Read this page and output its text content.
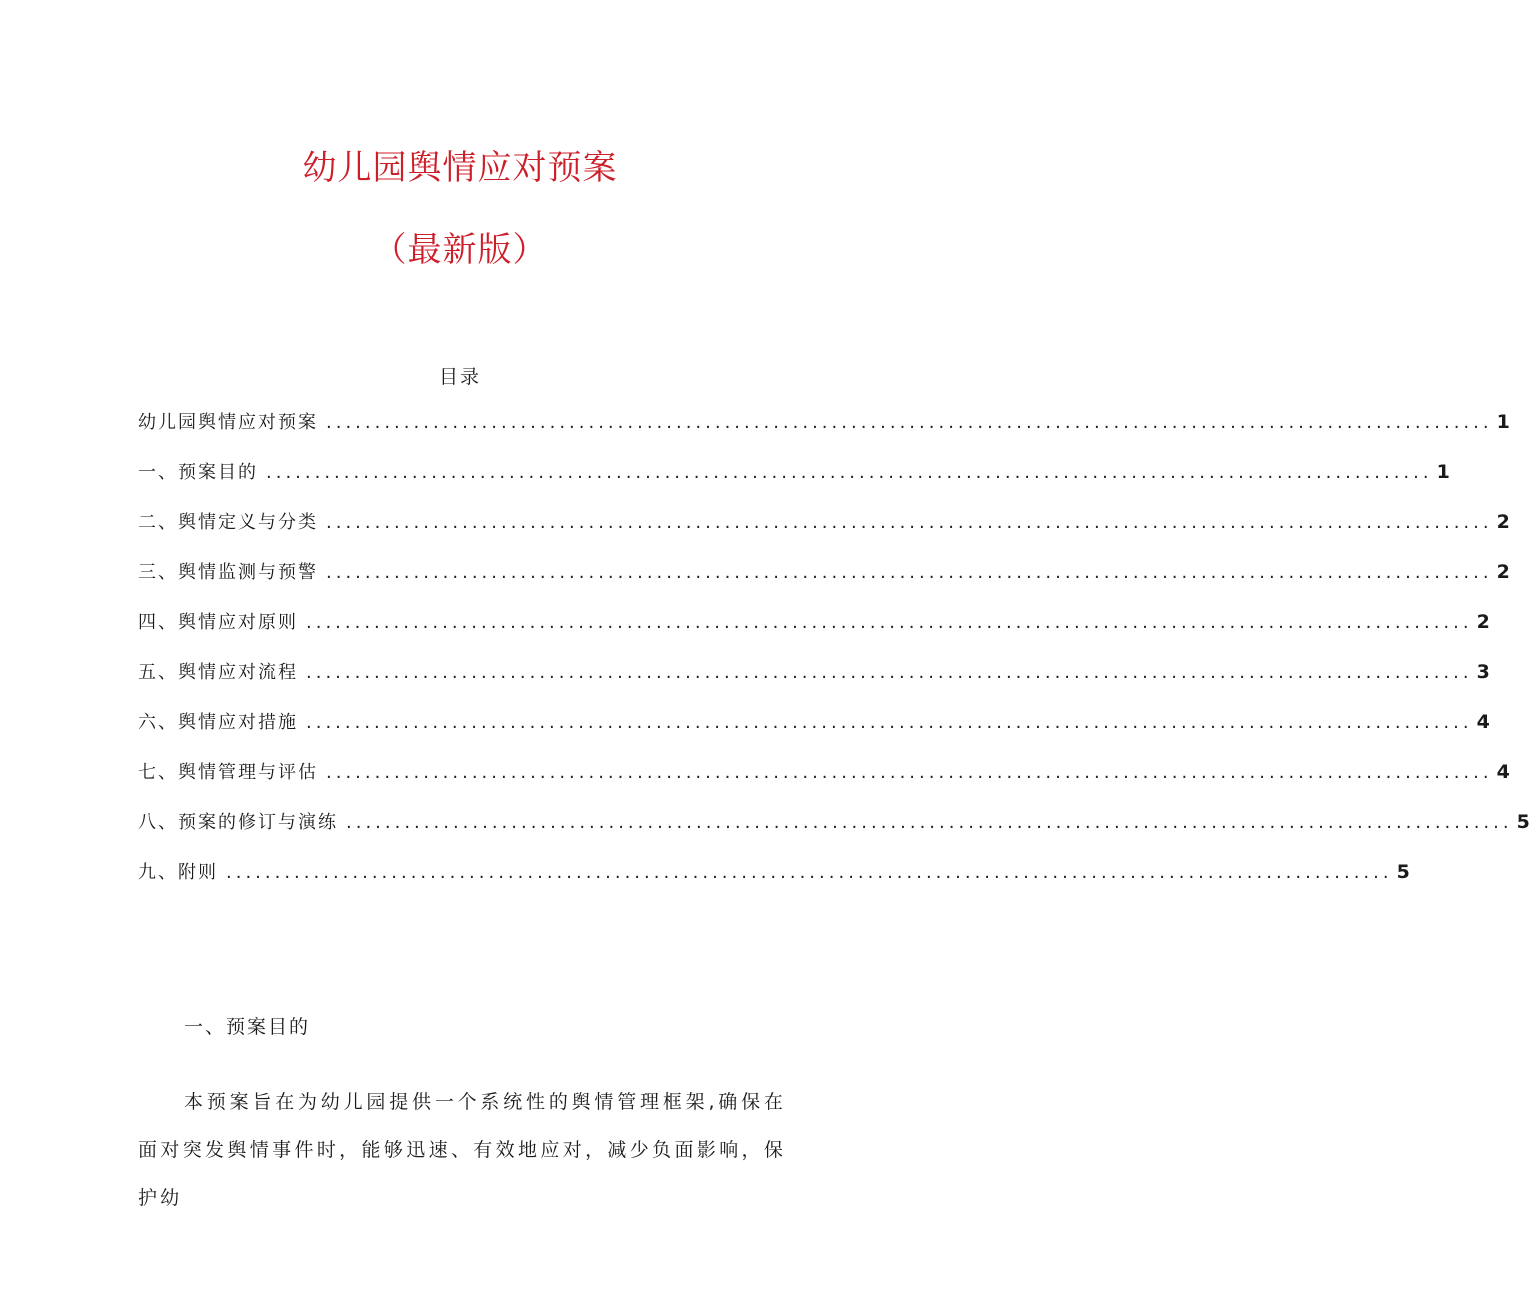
幼儿园舆情应对预案
（最新版）
目录
幼儿园舆情应对预案 ........................................................................................................................ 1
一、预案目的 ........................................................................................................................ 1
二、舆情定义与分类 ........................................................................................................................ 2
三、舆情监测与预警 ........................................................................................................................ 2
四、舆情应对原则 ........................................................................................................................ 2
五、舆情应对流程 ........................................................................................................................ 3
六、舆情应对措施 ........................................................................................................................ 4
七、舆情管理与评估 ........................................................................................................................ 4
八、预案的修订与演练 ........................................................................................................................ 5
九、附则 ........................................................................................................................ 5
一、预案目的

本预案旨在为幼儿园提供一个系统性的舆情管理框架,确保在面对突发舆情事件时，能够迅速、有效地应对，减少负面影响，保护幼
